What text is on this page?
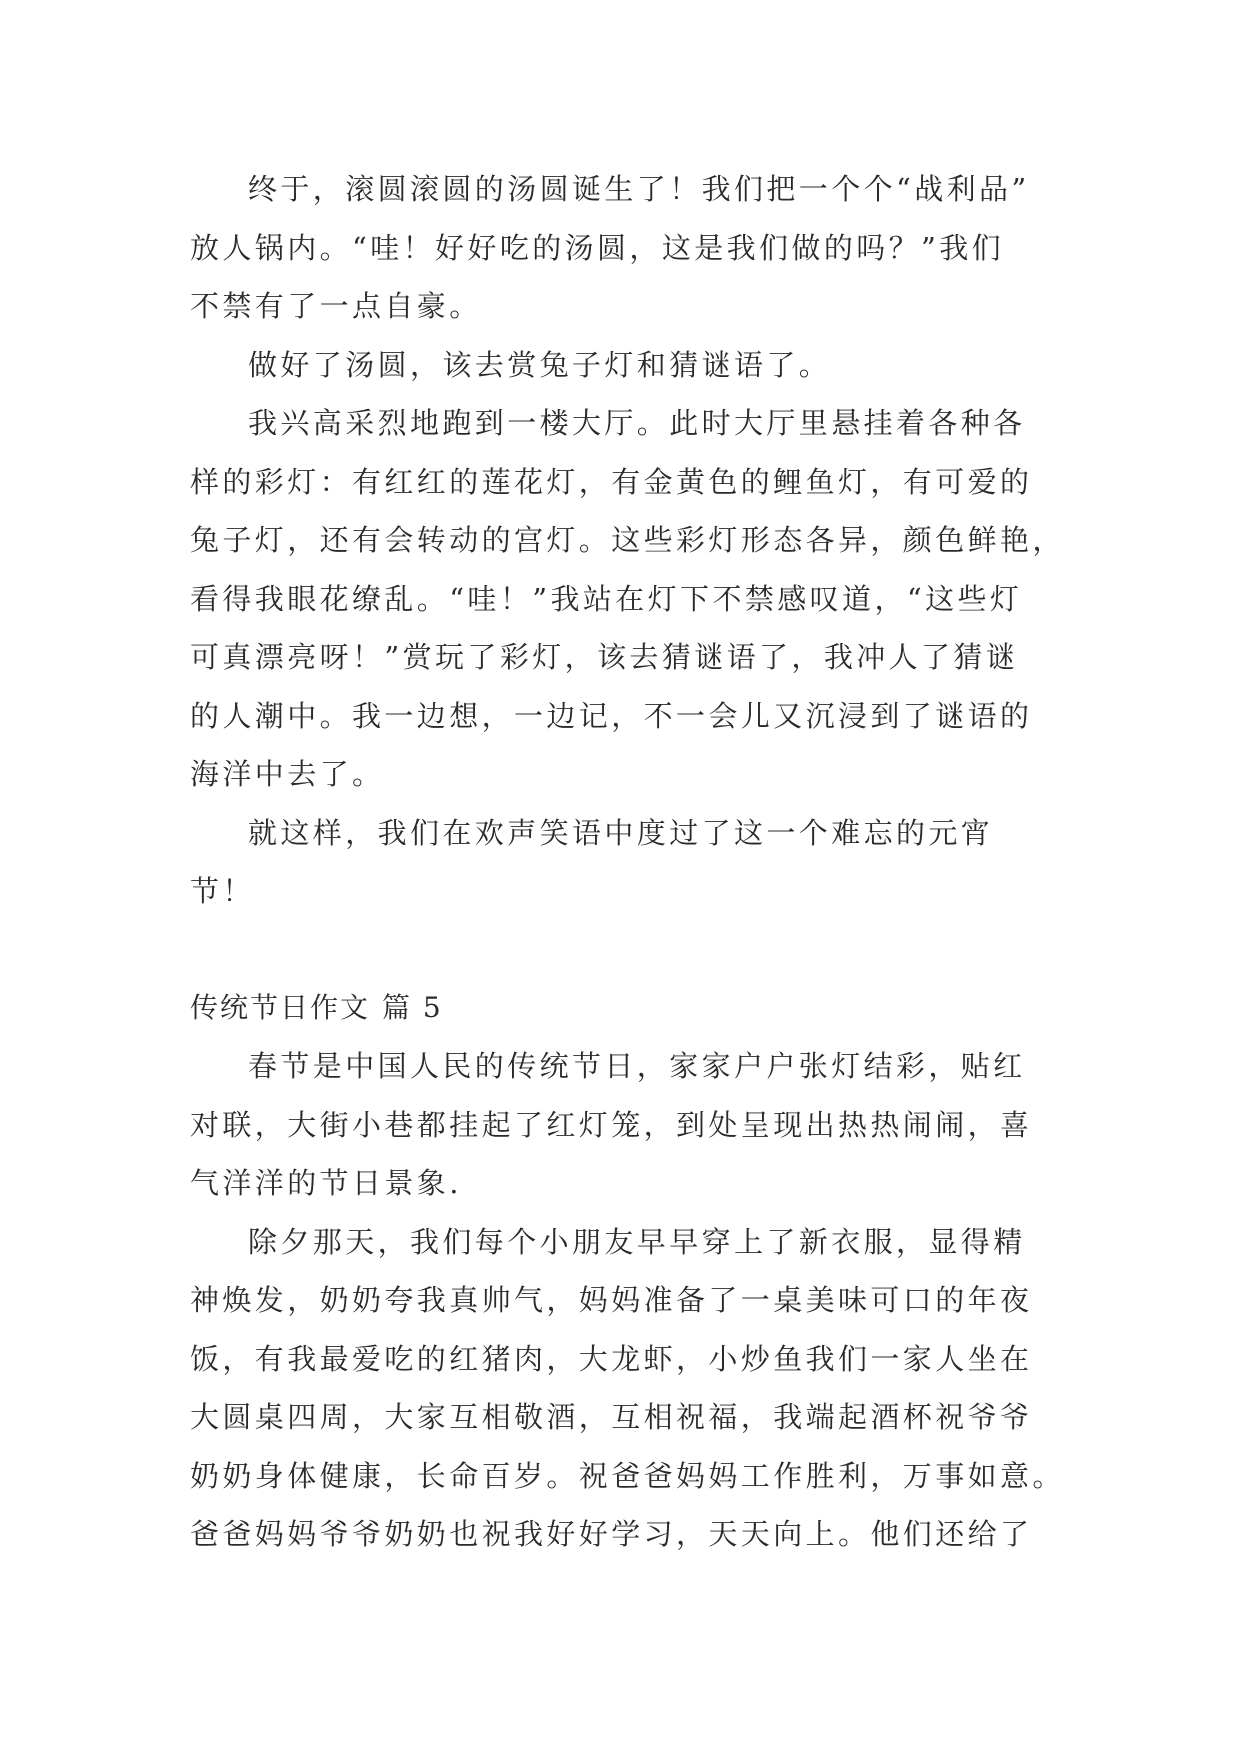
终于，滚圆滚圆的汤圆诞生了！我们把一个个“战利品”
放人锅内。“哇！好好吃的汤圆，这是我们做的吗？”我们
不禁有了一点自豪。
做好了汤圆，该去赏兔子灯和猜谜语了。
我兴高采烈地跑到一楼大厅。此时大厅里悬挂着各种各
样的彩灯：有红红的莲花灯，有金黄色的鲤鱼灯，有可爱的
兔子灯，还有会转动的宫灯。这些彩灯形态各异，颜色鲜艳，
看得我眼花缭乱。“哇！”我站在灯下不禁感叹道，“这些灯
可真漂亮呀！”赏玩了彩灯，该去猜谜语了，我冲人了猜谜
的人潮中。我一边想，一边记，不一会儿又沉浸到了谜语的
海洋中去了。
就这样，我们在欢声笑语中度过了这一个难忘的元宵
节！
传统节日作文 篇 5
春节是中国人民的传统节日，家家户户张灯结彩，贴红
对联，大街小巷都挂起了红灯笼，到处呈现出热热闹闹，喜
气洋洋的节日景象.
除夕那天，我们每个小朋友早早穿上了新衣服，显得精
神焕发，奶奶夸我真帅气，妈妈准备了一桌美味可口的年夜
饭，有我最爱吃的红猪肉，大龙虾，小炒鱼我们一家人坐在
大圆桌四周，大家互相敬酒，互相祝福，我端起酒杯祝爷爷
奶奶身体健康，长命百岁。祝爸爸妈妈工作胜利，万事如意。
爸爸妈妈爷爷奶奶也祝我好好学习，天天向上。他们还给了
